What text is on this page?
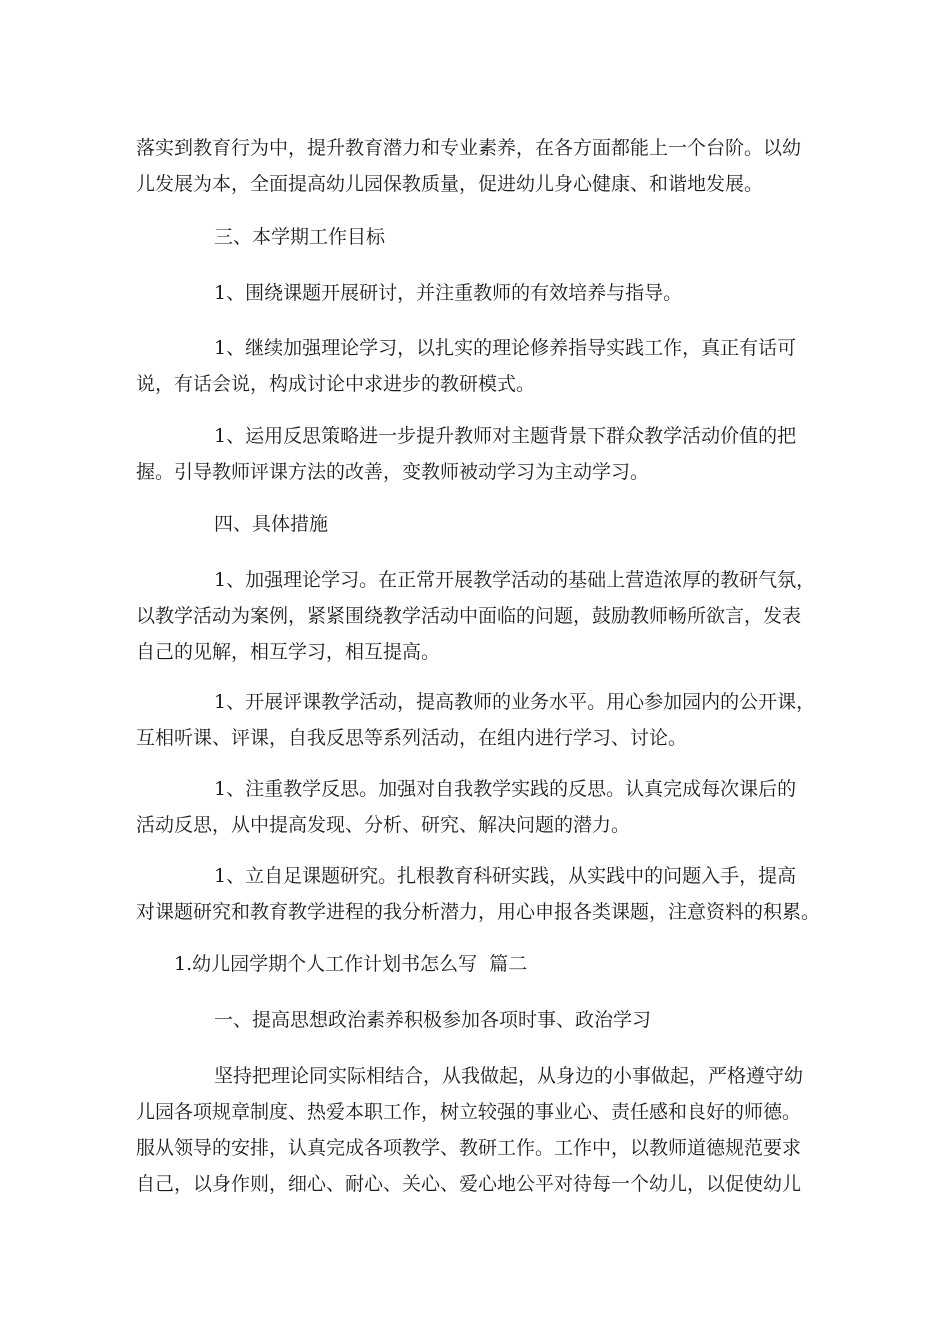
落实到教育行为中，提升教育潜力和专业素养，在各方面都能上一个台阶。以幼
儿发展为本，全面提高幼儿园保教质量，促进幼儿身心健康、和谐地发展。

三、本学期工作目标

1、围绕课题开展研讨，并注重教师的有效培养与指导。

1、继续加强理论学习，以扎实的理论修养指导实践工作，真正有话可
说，有话会说，构成讨论中求进步的教研模式。

1、运用反思策略进一步提升教师对主题背景下群众教学活动价值的把
握。引导教师评课方法的改善，变教师被动学习为主动学习。

四、具体措施

1、加强理论学习。在正常开展教学活动的基础上营造浓厚的教研气氛，
以教学活动为案例，紧紧围绕教学活动中面临的问题，鼓励教师畅所欲言，发表
自己的见解，相互学习，相互提高。

1、开展评课教学活动，提高教师的业务水平。用心参加园内的公开课，
互相听课、评课，自我反思等系列活动，在组内进行学习、讨论。

1、注重教学反思。加强对自我教学实践的反思。认真完成每次课后的
活动反思，从中提高发现、分析、研究、解决问题的潜力。

1、立自足课题研究。扎根教育科研实践，从实践中的问题入手，提高
对课题研究和教育教学进程的我分析潜力，用心申报各类课题，注意资料的积累。

1.幼儿园学期个人工作计划书怎么写  篇二

一、提高思想政治素养积极参加各项时事、政治学习

坚持把理论同实际相结合，从我做起，从身边的小事做起，严格遵守幼
儿园各项规章制度、热爱本职工作，树立较强的事业心、责任感和良好的师德。
服从领导的安排，认真完成各项教学、教研工作。工作中，以教师道德规范要求
自己，以身作则，细心、耐心、关心、爱心地公平对待每一个幼儿，以促使幼儿
